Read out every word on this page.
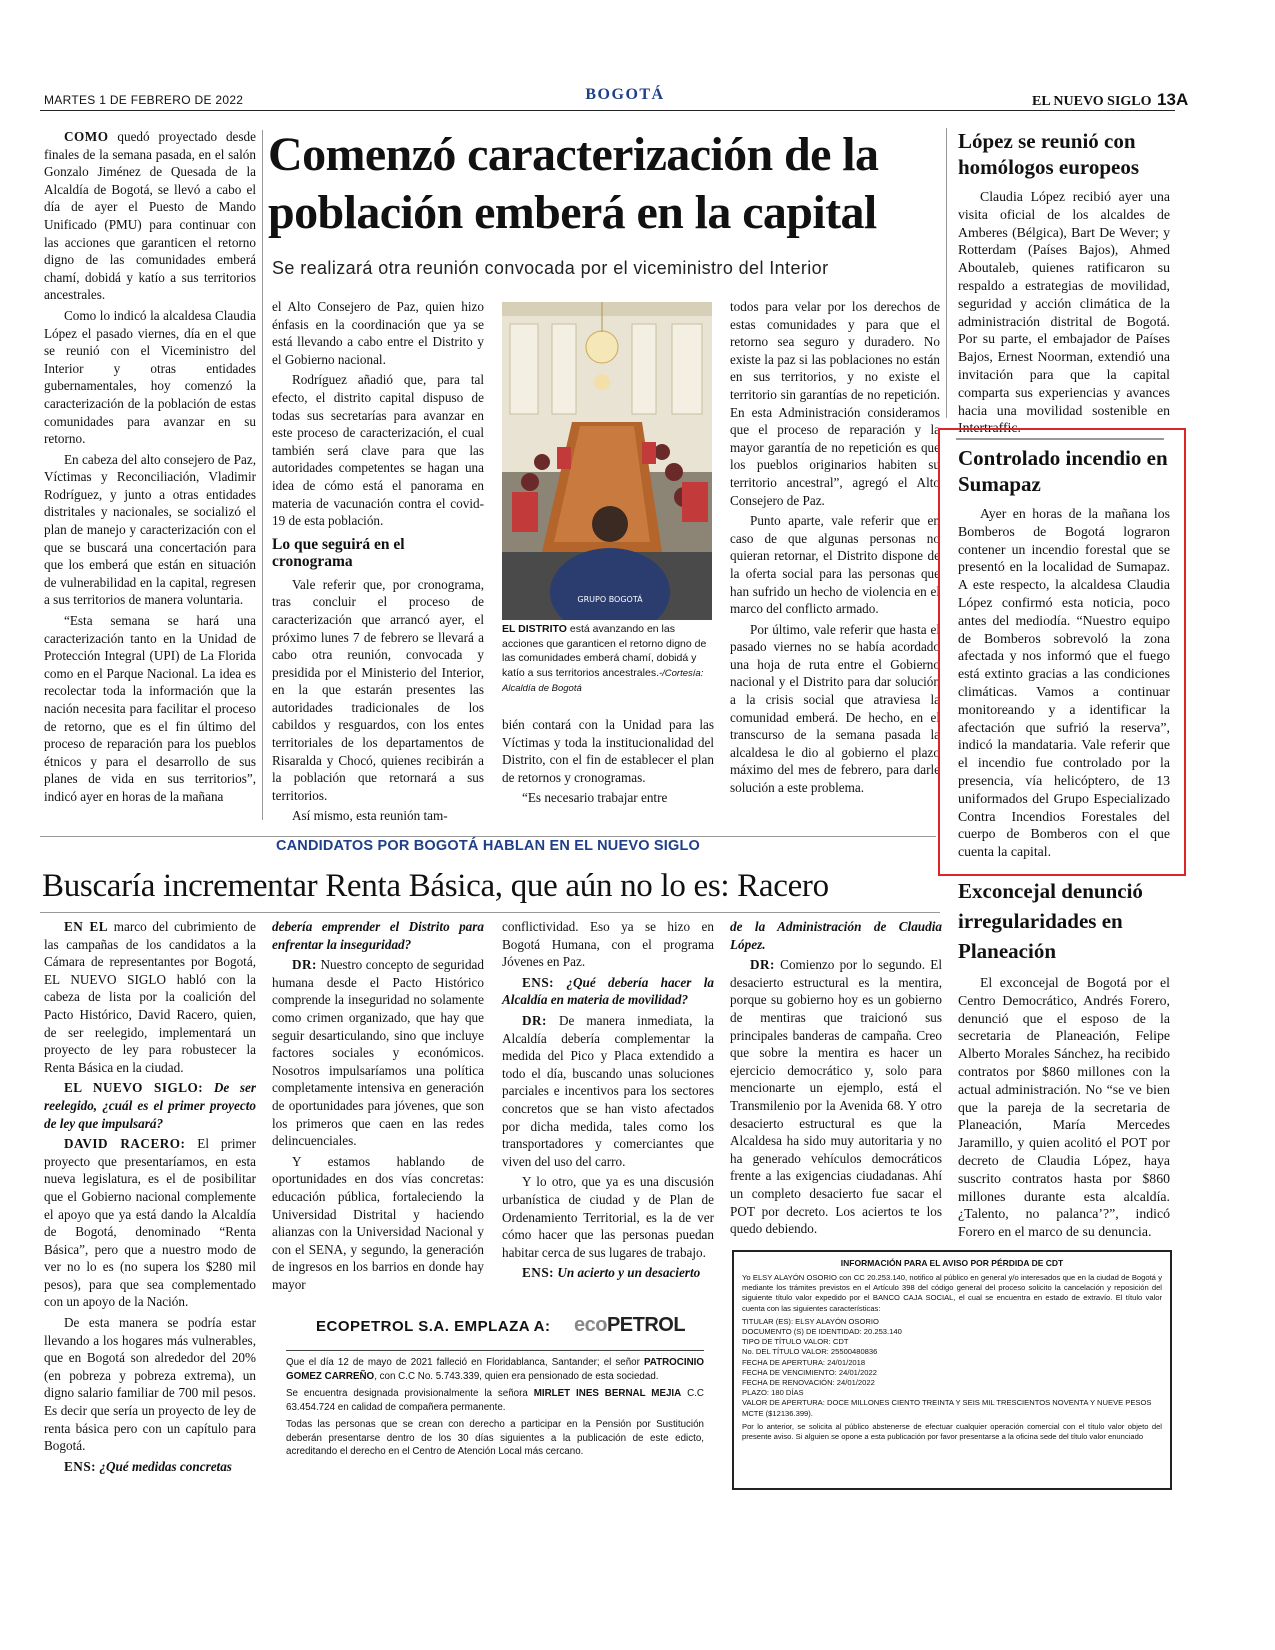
MARTES 1 DE FEBRERO DE 2022	BOGOTÁ	EL NUEVO SIGLO 13A

COMO quedó proyectado desde finales de la semana pasada, en el salón Gonzalo Jiménez de Quesada de la Alcaldía de Bogotá, se llevó a cabo el día de ayer el Puesto de Mando Unificado (PMU) para continuar con las acciones que garanticen el retorno digno de las comunidades emberá chamí, dobidá y katío a sus territorios ancestrales.

Como lo indicó la alcaldesa Claudia López el pasado viernes, día en el que se reunió con el Viceministro del Interior y otras entidades gubernamentales, hoy comenzó la caracterización de la población de estas comunidades para avanzar en su retorno.

En cabeza del alto consejero de Paz, Víctimas y Reconciliación, Vladimir Rodríguez, y junto a otras entidades distritales y nacionales, se socializó el plan de manejo y caracterización con el que se buscará una concertación para que los emberá que están en situación de vulnerabilidad en la capital, regresen a sus territorios de manera voluntaria.

“Esta semana se hará una caracterización tanto en la Unidad de Protección Integral (UPI) de La Florida como en el Parque Nacional. La idea es recolectar toda la información que la nación necesita para facilitar el proceso de retorno, que es el fin último del proceso de reparación para los pueblos étnicos y para el desarrollo de sus planes de vida en sus territorios”, indicó ayer en horas de la mañana

Comenzó caracterización de la población emberá en la capital
Se realizará otra reunión convocada por el viceministro del Interior

el Alto Consejero de Paz, quien hizo énfasis en la coordinación que ya se está llevando a cabo entre el Distrito y el Gobierno nacional.

Rodríguez añadió que, para tal efecto, el distrito capital dispuso de todas sus secretarías para avanzar en este proceso de caracterización, el cual también será clave para que las autoridades competentes se hagan una idea de cómo está el panorama en materia de vacunación contra el covid-19 de esta población.

Lo que seguirá en el cronograma

Vale referir que, por cronograma, tras concluir el proceso de caracterización que arrancó ayer, el próximo lunes 7 de febrero se llevará a cabo otra reunión, convocada y presidida por el Ministerio del Interior, en la que estarán presentes las autoridades tradicionales de los cabildos y resguardos, con los entes territoriales de los departamentos de Risaralda y Chocó, quienes recibirán a la población que retornará a sus territorios.

Así mismo, esta reunión tam-

GRUPO BOGOTÁ
EL DISTRITO está avanzando en las acciones que garanticen el retorno digno de las comunidades emberá chamí, dobidá y katío a sus territorios ancestrales.-/Cortesía: Alcaldía de Bogotá

bién contará con la Unidad para las Víctimas y toda la institucionalidad del Distrito, con el fin de establecer el plan de retornos y cronogramas.

“Es necesario trabajar entre

todos para velar por los derechos de estas comunidades y para que el retorno sea seguro y duradero. No existe la paz si las poblaciones no están en sus territorios, y no existe el territorio sin garantías de no repetición. En esta Administración consideramos que el proceso de reparación y la mayor garantía de no repetición es que los pueblos originarios habiten su territorio ancestral”, agregó el Alto Consejero de Paz.

Punto aparte, vale referir que en caso de que algunas personas no quieran retornar, el Distrito dispone de la oferta social para las personas que han sufrido un hecho de violencia en el marco del conflicto armado.

Por último, vale referir que hasta el pasado viernes no se había acordado una hoja de ruta entre el Gobierno nacional y el Distrito para dar solución a la crisis social que atraviesa la comunidad emberá. De hecho, en el transcurso de la semana pasada la alcaldesa le dio al gobierno el plazo máximo del mes de febrero, para darle solución a este problema.

López se reunió con homólogos europeos

Claudia López recibió ayer una visita oficial de los alcaldes de Amberes (Bélgica), Bart De Wever; y Rotterdam (Países Bajos), Ahmed Aboutaleb, quienes ratificaron su respaldo a estrategias de movilidad, seguridad y acción climática de la administración distrital de Bogotá. Por su parte, el embajador de Países Bajos, Ernest Noorman, extendió una invitación para que la capital comparta sus experiencias y avances hacia una movilidad sostenible en Intertraffic.

Controlado incendio en Sumapaz

Ayer en horas de la mañana los Bomberos de Bogotá lograron contener un incendio forestal que se presentó en la localidad de Sumapaz. A este respecto, la alcaldesa Claudia López confirmó esta noticia, poco antes del mediodía. “Nuestro equipo de Bomberos sobrevoló la zona afectada y nos informó que el fuego está extinto gracias a las condiciones climáticas. Vamos a continuar monitoreando y a identificar la afectación que sufrió la reserva”, indicó la mandataria. Vale referir que el incendio fue controlado por la presencia, vía helicóptero, de 13 uniformados del Grupo Especializado Contra Incendios Forestales del cuerpo de Bomberos con el que cuenta la capital.

Exconcejal denunció irregularidades en Planeación

El exconcejal de Bogotá por el Centro Democrático, Andrés Forero, denunció que el esposo de la secretaria de Planeación, Felipe Alberto Morales Sánchez, ha recibido contratos por $860 millones con la actual administración. No “se ve bien que la pareja de la secretaria de Planeación, María Mercedes Jaramillo, y quien acolitó el POT por decreto de Claudia López, haya suscrito contratos hasta por $860 millones durante esta alcaldía. ¿Talento, no palanca’?”, indicó Forero en el marco de su denuncia.

CANDIDATOS POR BOGOTÁ HABLAN EN EL NUEVO SIGLO
Buscaría incrementar Renta Básica, que aún no lo es: Racero

EN EL marco del cubrimiento de las campañas de los candidatos a la Cámara de representantes por Bogotá, EL NUEVO SIGLO habló con la cabeza de lista por la coalición del Pacto Histórico, David Racero, quien, de ser reelegido, implementará un proyecto de ley para robustecer la Renta Básica en la ciudad.

EL NUEVO SIGLO: De ser reelegido, ¿cuál es el primer proyecto de ley que impulsará?

DAVID RACERO: El primer proyecto que presentaríamos, en esta nueva legislatura, es el de posibilitar que el Gobierno nacional complemente el apoyo que ya está dando la Alcaldía de Bogotá, denominado “Renta Básica”, pero que a nuestro modo de ver no lo es (no supera los $280 mil pesos), para que sea complementado con un apoyo de la Nación.

De esta manera se podría estar llevando a los hogares más vulnerables, que en Bogotá son alrededor del 20% (en pobreza y pobreza extrema), un digno salario familiar de 700 mil pesos. Es decir que sería un proyecto de ley de renta básica pero con un capítulo para Bogotá.

ENS: ¿Qué medidas concretas

debería emprender el Distrito para enfrentar la inseguridad?

DR: Nuestro concepto de seguridad humana desde el Pacto Histórico comprende la inseguridad no solamente como crimen organizado, que hay que seguir desarticulando, sino que incluye factores sociales y económicos. Nosotros impulsaríamos una política completamente intensiva en generación de oportunidades para jóvenes, que son los primeros que caen en las redes delincuenciales.

Y estamos hablando de oportunidades en dos vías concretas: educación pública, fortaleciendo la Universidad Distrital y haciendo alianzas con la Universidad Nacional y con el SENA, y segundo, la generación de ingresos en los barrios en donde hay mayor

conflictividad. Eso ya se hizo en Bogotá Humana, con el programa Jóvenes en Paz.

ENS: ¿Qué debería hacer la Alcaldía en materia de movilidad?

DR: De manera inmediata, la Alcaldía debería complementar la medida del Pico y Placa extendido a todo el día, buscando unas soluciones parciales e incentivos para los sectores concretos que se han visto afectados por dicha medida, tales como los transportadores y comerciantes que viven del uso del carro.

Y lo otro, que ya es una discusión urbanística de ciudad y de Plan de Ordenamiento Territorial, es la de ver cómo hacer que las personas puedan habitar cerca de sus lugares de trabajo.

ENS: Un acierto y un desacierto

de la Administración de Claudia López.

DR: Comienzo por lo segundo. El desacierto estructural es la mentira, porque su gobierno hoy es un gobierno de mentiras que traicionó sus principales banderas de campaña. Creo que sobre la mentira es hacer un ejercicio democrático y, solo para mencionarte un ejemplo, está el Transmilenio por la Avenida 68. Y otro desacierto estructural es que la Alcaldesa ha sido muy autoritaria y no ha generado vehículos democráticos frente a las exigencias ciudadanas. Ahí un completo desacierto fue sacar el POT por decreto. Los aciertos te los quedo debiendo.

ECOPETROL S.A. EMPLAZA A: ecoPETROL
Que el día 12 de mayo de 2021 falleció en Floridablanca, Santander; el señor PATROCINIO GOMEZ CARREÑO, con C.C No. 5.743.339, quien era pensionado de esta sociedad.
Se encuentra designada provisionalmente la señora MIRLET INES BERNAL MEJIA C.C 63.454.724 en calidad de compañera permanente.
Todas las personas que se crean con derecho a participar en la Pensión por Sustitución deberán presentarse dentro de los 30 días siguientes a la publicación de este edicto, acreditando el derecho en el Centro de Atención Local más cercano.
INFORMACIÓN PARA EL AVISO POR PÉRDIDA DE CDT
Yo ELSY ALAYÓN OSORIO con CC 20.253.140, notifico al público en general y/o interesados que en la ciudad de Bogotá y mediante los trámites previstos en el Artículo 398 del código general del proceso solicito la cancelación y reposición del siguiente título valor expedido por el BANCO CAJA SOCIAL, el cual se encuentra en estado de extravío. El título valor cuenta con las siguientes características:
TITULAR (ES): ELSY ALAYÓN OSORIO
DOCUMENTO (S) DE IDENTIDAD: 20.253.140
TIPO DE TÍTULO VALOR: CDT
No. DEL TÍTULO VALOR: 25500480836
FECHA DE APERTURA: 24/01/2018
FECHA DE VENCIMIENTO: 24/01/2022
FECHA DE RENOVACIÓN: 24/01/2022
PLAZO: 180 DÍAS
VALOR DE APERTURA: DOCE MILLONES CIENTO TREINTA Y SEIS MIL TRESCIENTOS NOVENTA Y NUEVE PESOS MCTE ($12136.399).
Por lo anterior, se solicita al público abstenerse de efectuar cualquier operación comercial con el título valor objeto del presente aviso. Si alguien se opone a esta publicación por favor presentarse a la oficina sede del título valor enunciado
